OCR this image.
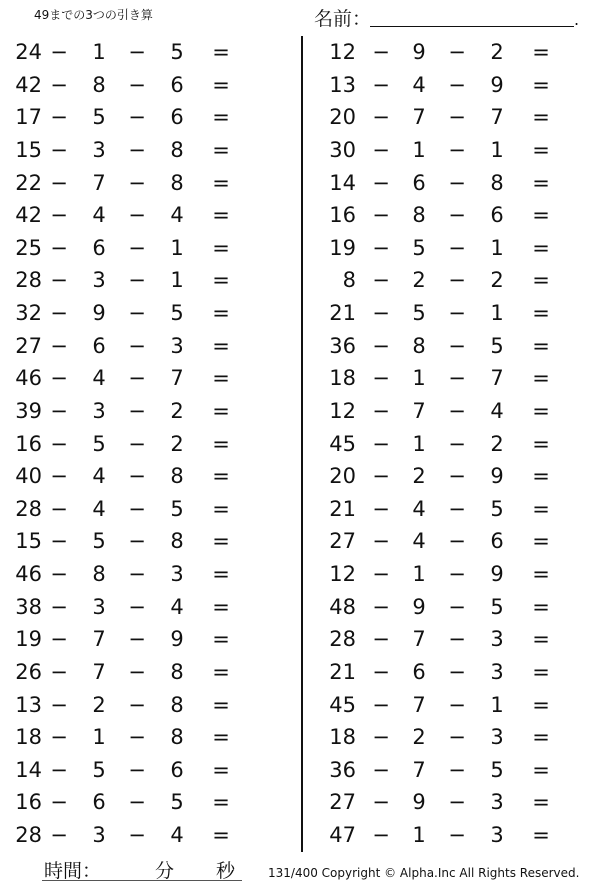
49までの3つの引き算	名前：	.
24 −	1	−	5	=
42 −	8	−	6	=
17 −	5	−	6	=
15 −	3	−	8	=
22 −	7	−	8	=
42 −	4	−	4	=
25 −	6	−	1	=
28 −	3	−	1	=
32 −	9	−	5	=
27 −	6	−	3	=
46 −	4	−	7	=
39 −	3	−	2	=
16 −	5	−	2	=
40 −	4	−	8	=
28 −	4	−	5	=
15 −	5	−	8	=
46 −	8	−	3	=
38 −	3	−	4	=
19 −	7	−	9	=
26 −	7	−	8	=
13 −	2	−	8	=
18 −	1	−	8	=
14 −	5	−	6	=
16 −	6	−	5	=
28 −	3	−	4	=
12 −	9	−	2	=
13 −	4	−	9	=
20 −	7	−	7	=
30 −	1	−	1	=
14 −	6	−	8	=
16 −	8	−	6	=
19 −	5	−	1	=
8 −	2	−	2	=
21 −	5	−	1	=
36 −	8	−	5	=
18 −	1	−	7	=
12 −	7	−	4	=
45 −	1	−	2	=
20 −	2	−	9	=
21 −	4	−	5	=
27 −	4	−	6	=
12 −	1	−	9	=
48 −	9	−	5	=
28 −	7	−	3	=
21 −	6	−	3	=
45 −	7	−	1	=
18 −	2	−	3	=
36 −	7	−	5	=
27 −	9	−	3	=
47 −	1	−	3	=
時間：	分 秒	131/400 Copyright © Alpha.Inc All Rights Reserved.
